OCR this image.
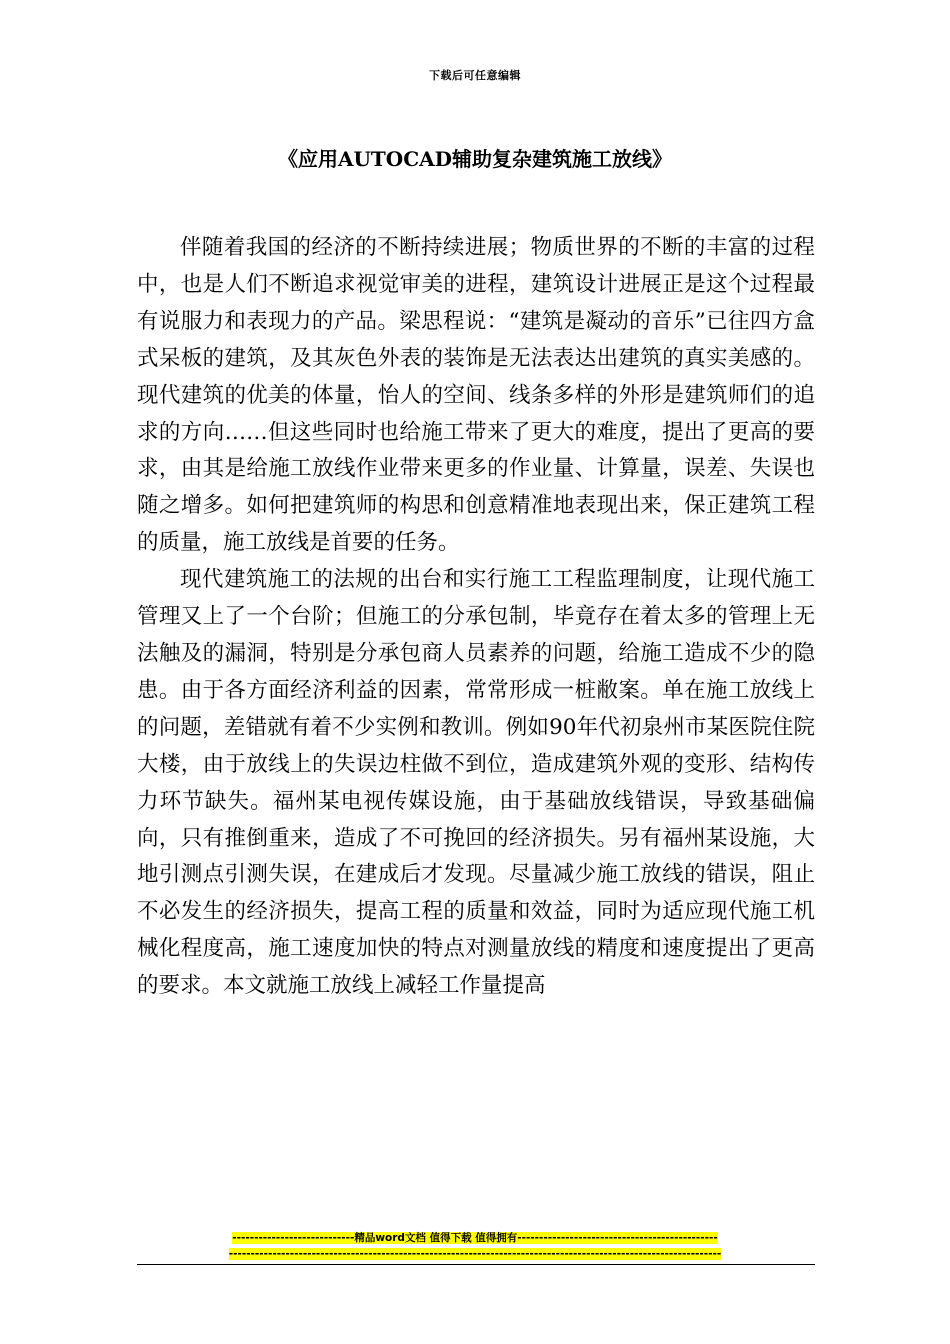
下载后可任意编辑
《应用AUTOCAD辅助复杂建筑施工放线》

伴随着我国的经济的不断持续进展；物质世界的不断的丰富的过程中，也是人们不断追求视觉审美的进程，建筑设计进展正是这个过程最有说服力和表现力的产品。梁思程说：“建筑是凝动的音乐”已往四方盒式呆板的建筑，及其灰色外表的装饰是无法表达出建筑的真实美感的。现代建筑的优美的体量，怡人的空间、线条多样的外形是建筑师们的追求的方向……但这些同时也给施工带来了更大的难度，提出了更高的要求，由其是给施工放线作业带来更多的作业量、计算量，误差、失误也随之增多。如何把建筑师的构思和创意精准地表现出来，保正建筑工程的质量，施工放线是首要的任务。

现代建筑施工的法规的出台和实行施工工程监理制度，让现代施工管理又上了一个台阶；但施工的分承包制，毕竟存在着太多的管理上无法触及的漏洞，特别是分承包商人员素养的问题，给施工造成不少的隐患。由于各方面经济利益的因素，常常形成一桩敝案。单在施工放线上的问题，差错就有着不少实例和教训。例如90年代初泉州市某医院住院大楼，由于放线上的失误边柱做不到位，造成建筑外观的变形、结构传力环节缺失。福州某电视传媒设施，由于基础放线错误，导致基础偏向，只有推倒重来，造成了不可挽回的经济损失。另有福州某设施，大地引测点引测失误，在建成后才发现。尽量减少施工放线的错误，阻止不必发生的经济损失，提高工程的质量和效益，同时为适应现代施工机械化程度高，施工速度加快的特点对测量放线的精度和速度提出了更高的要求。本文就施工放线上减轻工作量提高

----------------------------精品word文档 值得下载 值得拥有----------------------------------------------
-----------------------------------------------------------------------------------------------------------------
